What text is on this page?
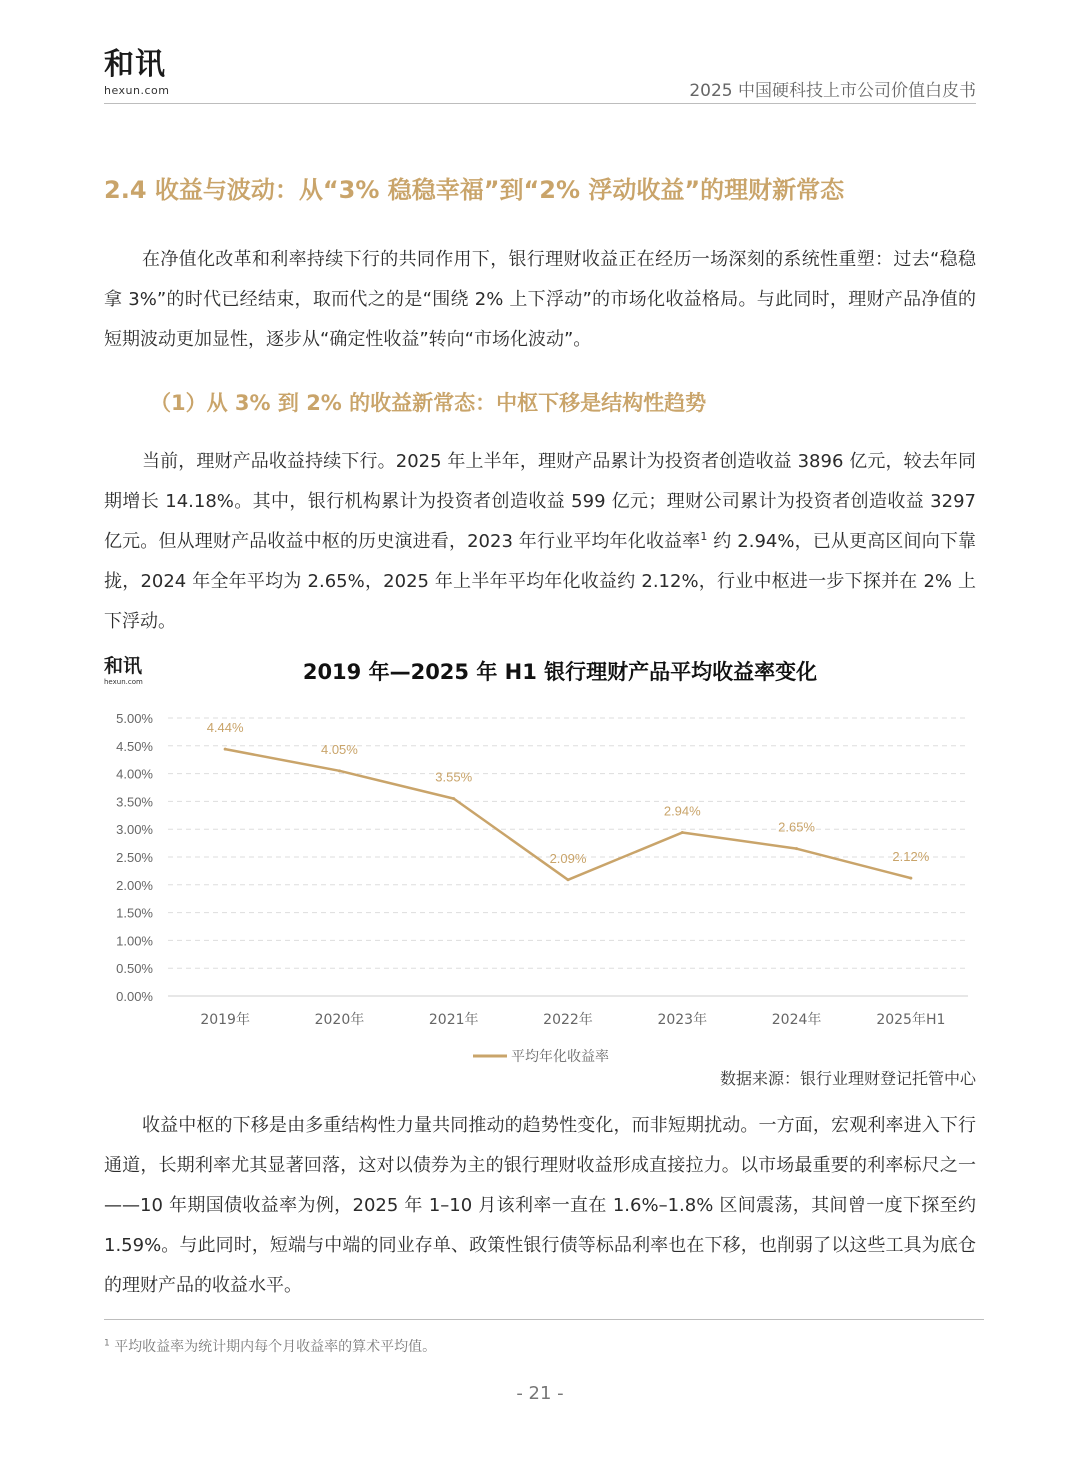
和讯
hexun.com	2025 中国硬科技上市公司价值白皮书
2.4 收益与波动：从“3% 稳稳幸福”到“2% 浮动收益”的理财新常态

在净值化改革和利率持续下行的共同作用下，银行理财收益正在经历一场深刻的系统性重塑：过去“稳稳拿 3%”的时代已经结束，取而代之的是“围绕 2% 上下浮动”的市场化收益格局。与此同时，理财产品净值的短期波动更加显性，逐步从“确定性收益”转向“市场化波动”。

（1）从 3% 到 2% 的收益新常态：中枢下移是结构性趋势

当前，理财产品收益持续下行。2025 年上半年，理财产品累计为投资者创造收益 3896 亿元，较去年同期增长 14.18%。其中，银行机构累计为投资者创造收益 599 亿元；理财公司累计为投资者创造收益 3297 亿元。但从理财产品收益中枢的历史演进看，2023 年行业平均年化收益率$^1$ 约 2.94%，已从更高区间向下靠拢，2024 年全年平均为 2.65%，2025 年上半年平均年化收益约 2.12%，行业中枢进一步下探并在 2% 上下浮动。

和讯
hexun.com	2019 年—2025 年 H1 银行理财产品平均收益率变化
0.00%
0.50%
1.00%
1.50%
2.00%
2.50%
3.00%
3.50%
4.00%
4.50%
5.00%
2019年	2020年	2021年	2022年	2023年	2024年	2025年H1
4.44%
4.05%
3.55%
2.09%
2.94%
2.65%
2.12%
平均年化收益率
数据来源：银行业理财登记托管中心

收益中枢的下移是由多重结构性力量共同推动的趋势性变化，而非短期扰动。一方面，宏观利率进入下行通道，长期利率尤其显著回落，这对以债券为主的银行理财收益形成直接拉力。以市场最重要的利率标尺之一——10 年期国债收益率为例，2025 年 1–10 月该利率一直在 1.6%–1.8% 区间震荡，其间曾一度下探至约 1.59%。与此同时，短端与中端的同业存单、政策性银行债等标品利率也在下移，也削弱了以这些工具为底仓的理财产品的收益水平。

$^1$ 平均收益率为统计期内每个月收益率的算术平均值。
- 21 -
